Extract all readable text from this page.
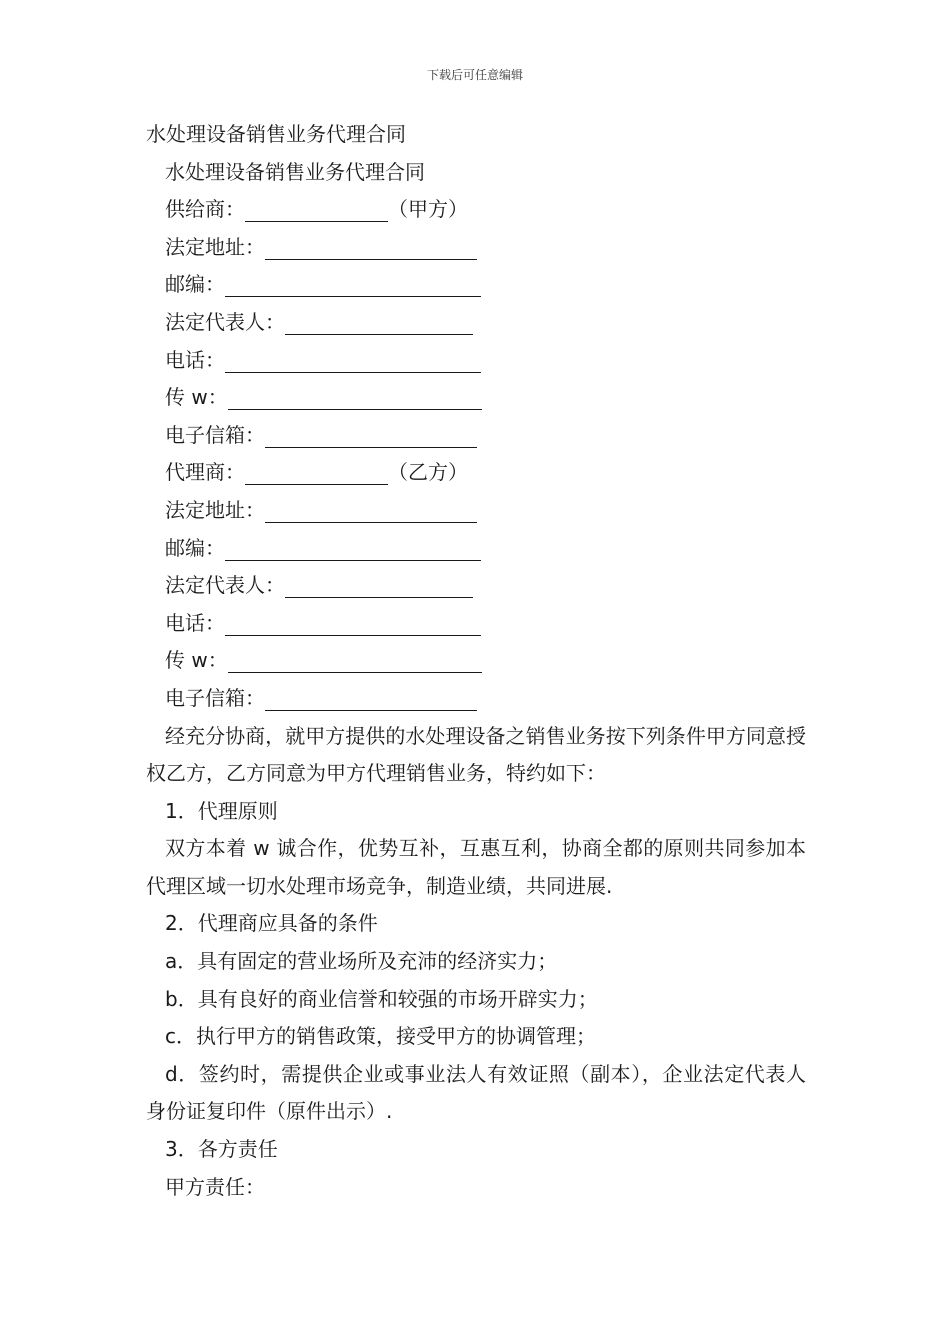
下载后可任意编辑
水处理设备销售业务代理合同
水处理设备销售业务代理合同
供给商：	（甲方）
法定地址：
邮编：
法定代表人：
电话：
传 w：
电子信箱：
代理商：	（乙方）
法定地址：
邮编：
法定代表人：
电话：
传 w：
电子信箱：
经充分协商，就甲方提供的水处理设备之销售业务按下列条件甲方同意授权乙方，乙方同意为甲方代理销售业务，特约如下：
1．代理原则
双方本着 w 诚合作，优势互补，互惠互利，协商全都的原则共同参加本代理区域一切水处理市场竞争，制造业绩，共同进展.
2．代理商应具备的条件
a．具有固定的营业场所及充沛的经济实力；
b．具有良好的商业信誉和较强的市场开辟实力；
c．执行甲方的销售政策，接受甲方的协调管理；
d．签约时，需提供企业或事业法人有效证照（副本），企业法定代表人身份证复印件（原件出示）.
3．各方责任
甲方责任：
